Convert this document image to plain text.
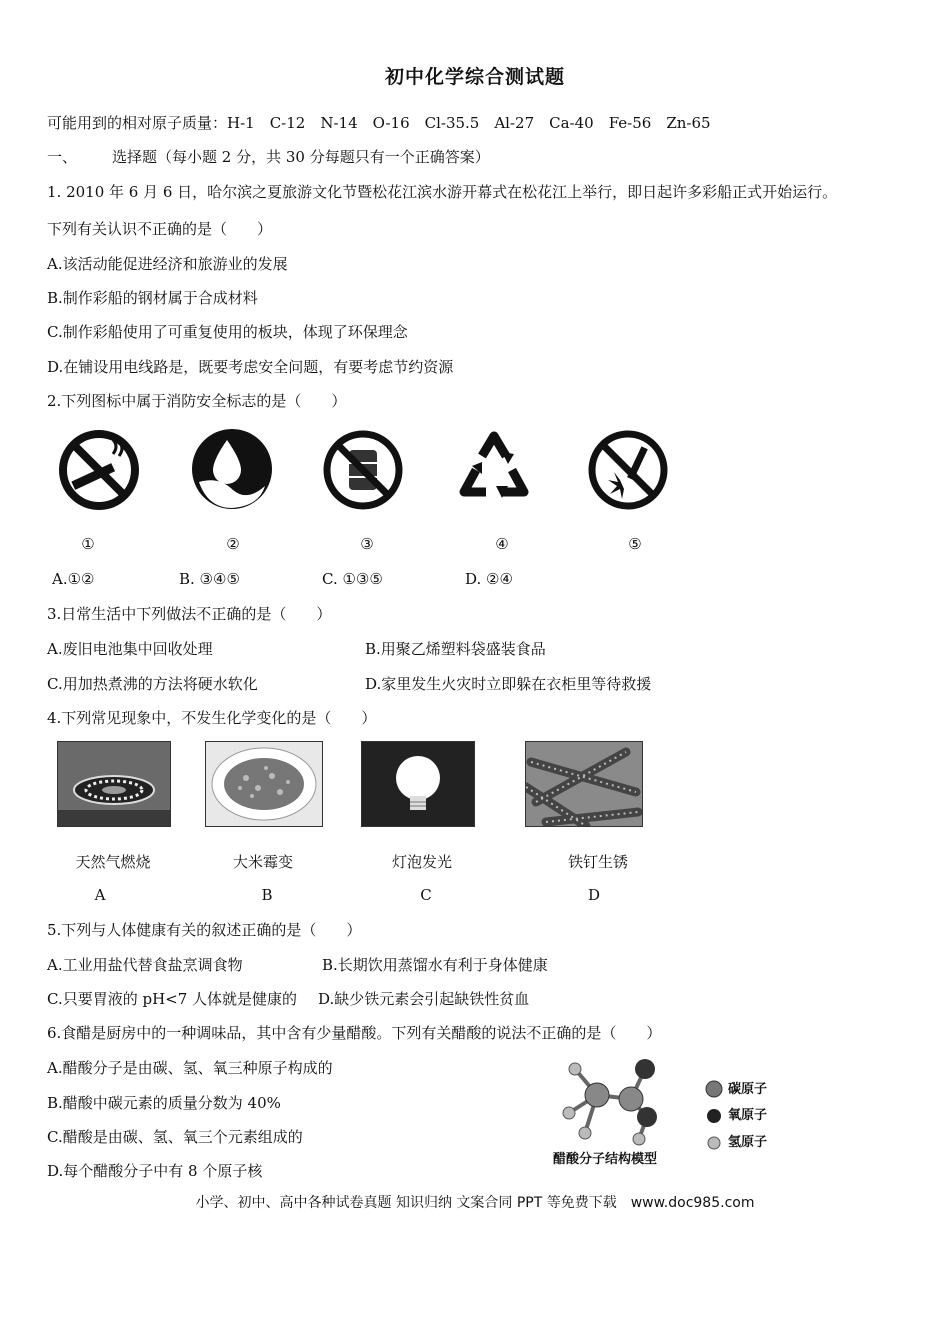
初中化学综合测试题
可能用到的相对原子质量：H-1　C-12　N-14　O-16　Cl-35.5　Al-27　Ca-40　Fe-56　Zn-65
一、 选择题（每小题 2 分，共 30 分每题只有一个正确答案）
1. 2010 年 6 月 6 日，哈尔滨之夏旅游文化节暨松花江滨水游开幕式在松花江上举行，即日起许多彩船正式开始运行。
下列有关认识不正确的是（　　）
A.该活动能促进经济和旅游业的发展
B.制作彩船的钢材属于合成材料
C.制作彩船使用了可重复使用的板块，体现了环保理念
D.在铺设用电线路是，既要考虑安全问题，有要考虑节约资源
2.下列图标中属于消防安全标志的是（　　）
①	②	③	④	⑤
A.①②	B. ③④⑤	C. ①③⑤	D. ②④
3.日常生活中下列做法不正确的是（　　）
A.废旧电池集中回收处理	B.用聚乙烯塑料袋盛装食品
C.用加热煮沸的方法将硬水软化	D.家里发生火灾时立即躲在衣柜里等待救援
4.下列常见现象中，不发生化学变化的是（　　）
天然气燃烧	大米霉变	灯泡发光	铁钉生锈
A	B	C	D
5.下列与人体健康有关的叙述正确的是（　　）
A.工业用盐代替食盐烹调食物	B.长期饮用蒸馏水有利于身体健康
C.只要胃液的 pH<7 人体就是健康的 D.缺少铁元素会引起缺铁性贫血
6.食醋是厨房中的一种调味品，其中含有少量醋酸。下列有关醋酸的说法不正确的是（　　）
A.醋酸分子是由碳、氢、氧三种原子构成的
B.醋酸中碳元素的质量分数为 40%
C.醋酸是由碳、氢、氧三个元素组成的
D.每个醋酸分子中有 8 个原子核
碳原子
氧原子
氢原子
醋酸分子结构模型
小学、初中、高中各种试卷真题 知识归纳 文案合同 PPT 等免费下载　www.doc985.com
